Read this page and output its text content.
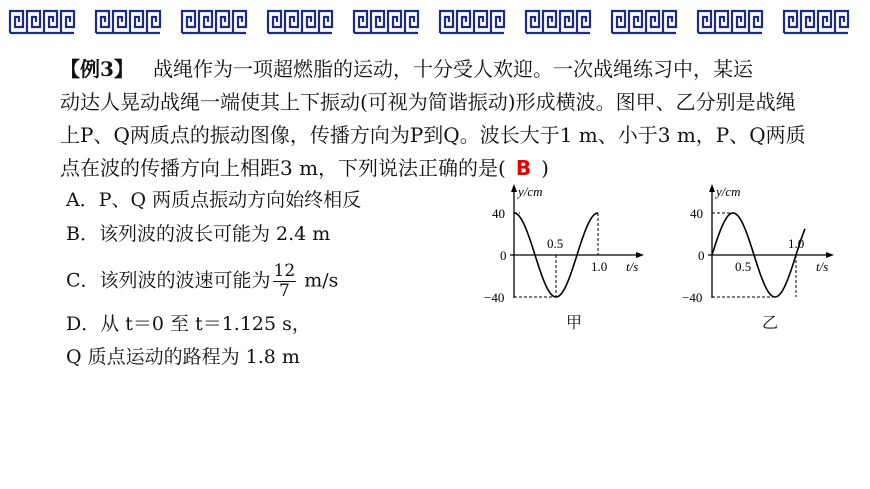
【例3】 战绳作为一项超燃脂的运动，十分受人欢迎。一次战绳练习中，某运
动达人晃动战绳一端使其上下振动(可视为简谐振动)形成横波。图甲、乙分别是战绳
上P、Q两质点的振动图像，传播方向为P到Q。波长大于1 m、小于3 m，P、Q两质
点在波的传播方向上相距3 m，下列说法正确的是( B )
A．P、Q 两质点振动方向始终相反
B．该列波的波长可能为 2.4 m
C．该列波的波速可能为 $\frac{12}{7} m/s$
D．从 t＝0 至 t＝1.125 s，
Q 质点运动的路程为 1.8 m
y/cm
t/s
40
−40
0
0.5
1.0
甲
y/cm
t/s
40
−40
0
0.5
1.0
乙
